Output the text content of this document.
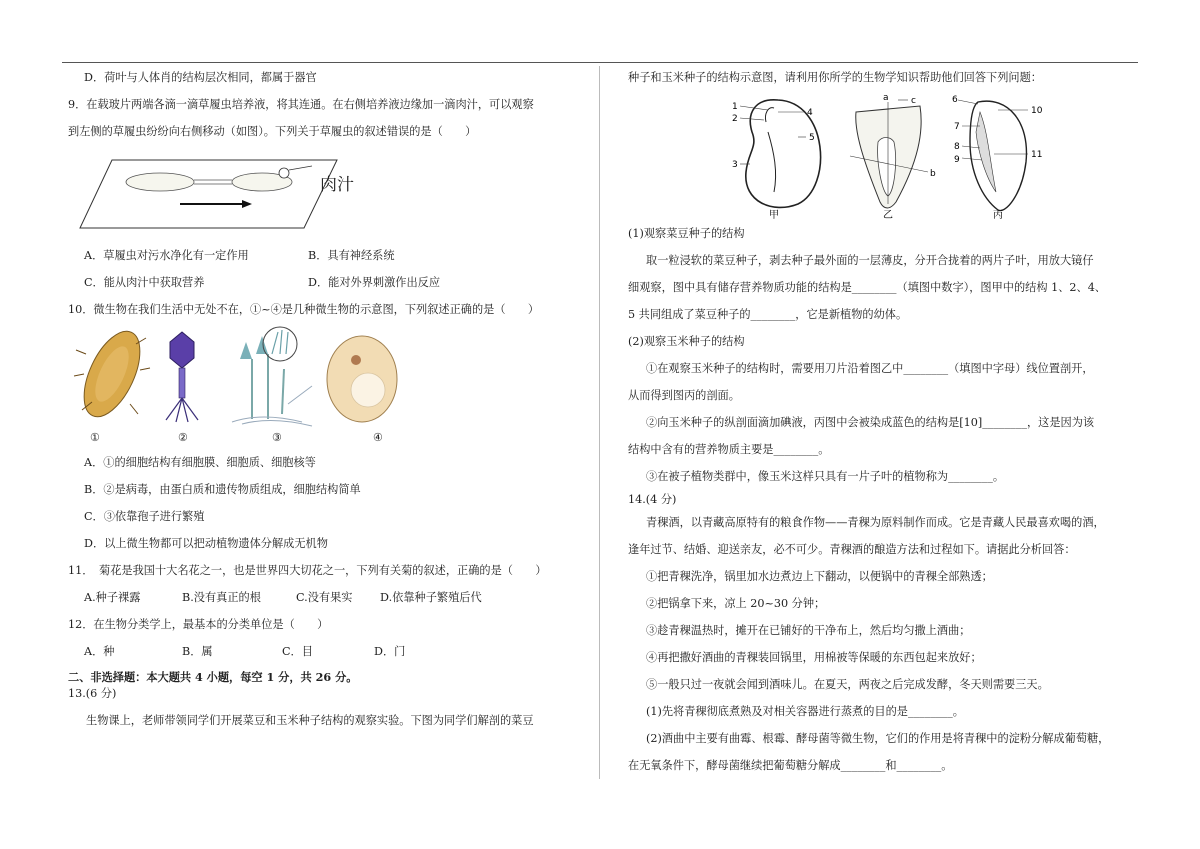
D．荷叶与人体肖的结构层次相同，都属于器官

9．在载玻片两端各滴一滴草履虫培养液，将其连通。在右侧培养液边缘加一滴肉汁，可以观察

到左侧的草履虫纷纷向右侧移动（如图）。下列关于草履虫的叙述错误的是（　　）

肉汁

A．草履虫对污水净化有一定作用	B．具有神经系统
C．能从肉汁中获取营养	D．能对外界刺激作出反应

10．微生物在我们生活中无处不在，①~④是几种微生物的示意图，下列叙述正确的是（　　）

①	②	③	④

A．①的细胞结构有细胞膜、细胞质、细胞核等

B．②是病毒，由蛋白质和遗传物质组成，细胞结构简单

C．③依靠孢子进行繁殖

D．以上微生物都可以把动植物遗体分解成无机物

11．　菊花是我国十大名花之一，也是世界四大切花之一，下列有关菊的叙述，正确的是（　　）

A.种子裸露	B.没有真正的根	C.没有果实	D.依靠种子繁殖后代

12．在生物分类学上，最基本的分类单位是（　　）

A．种	B．属	C．目	D．门

二、非选择题：本大题共 4 小题，每空 1 分，共 26 分。

13.(6 分)

生物课上，老师带领同学们开展菜豆和玉米种子结构的观察实验。下图为同学们解剖的菜豆

种子和玉米种子的结构示意图，请利用你所学的生物学知识帮助他们回答下列问题：

1
2
3
4
5
甲
a c
b
乙
6
7
8
9
10
11
丙

(1)观察菜豆种子的结构

取一粒浸软的菜豆种子，剥去种子最外面的一层薄皮，分开合拢着的两片子叶，用放大镜仔

细观察，图中具有储存营养物质功能的结构是________（填图中数字），图甲中的结构 1、2、4、

5 共同组成了菜豆种子的________，它是新植物的幼体。

(2)观察玉米种子的结构

①在观察玉米种子的结构时，需要用刀片沿着图乙中________（填图中字母）线位置剖开，

从而得到图丙的剖面。

②向玉米种子的纵剖面滴加碘液，丙图中会被染成蓝色的结构是[10]________，这是因为该

结构中含有的营养物质主要是________。

③在被子植物类群中，像玉米这样只具有一片子叶的植物称为________。

14.(4 分)

青稞酒，以青藏高原特有的粮食作物——青稞为原料制作而成。它是青藏人民最喜欢喝的酒，

逢年过节、结婚、迎送亲友，必不可少。青稞酒的酿造方法和过程如下。请据此分析回答：

①把青稞洗净，锅里加水边煮边上下翻动，以便锅中的青稞全部熟透；

②把锅拿下来，凉上 20~30 分钟；

③趁青稞温热时，摊开在已铺好的干净布上，然后均匀撒上酒曲；

④再把撒好酒曲的青稞装回锅里，用棉被等保暖的东西包起来放好；

⑤一般只过一夜就会闻到酒味儿。在夏天，两夜之后完成发酵，冬天则需要三天。

(1)先将青稞彻底煮熟及对相关容器进行蒸煮的目的是________。

(2)酒曲中主要有曲霉、根霉、酵母菌等微生物，它们的作用是将青稞中的淀粉分解成葡萄糖，

在无氧条件下，酵母菌继续把葡萄糖分解成________和________。
